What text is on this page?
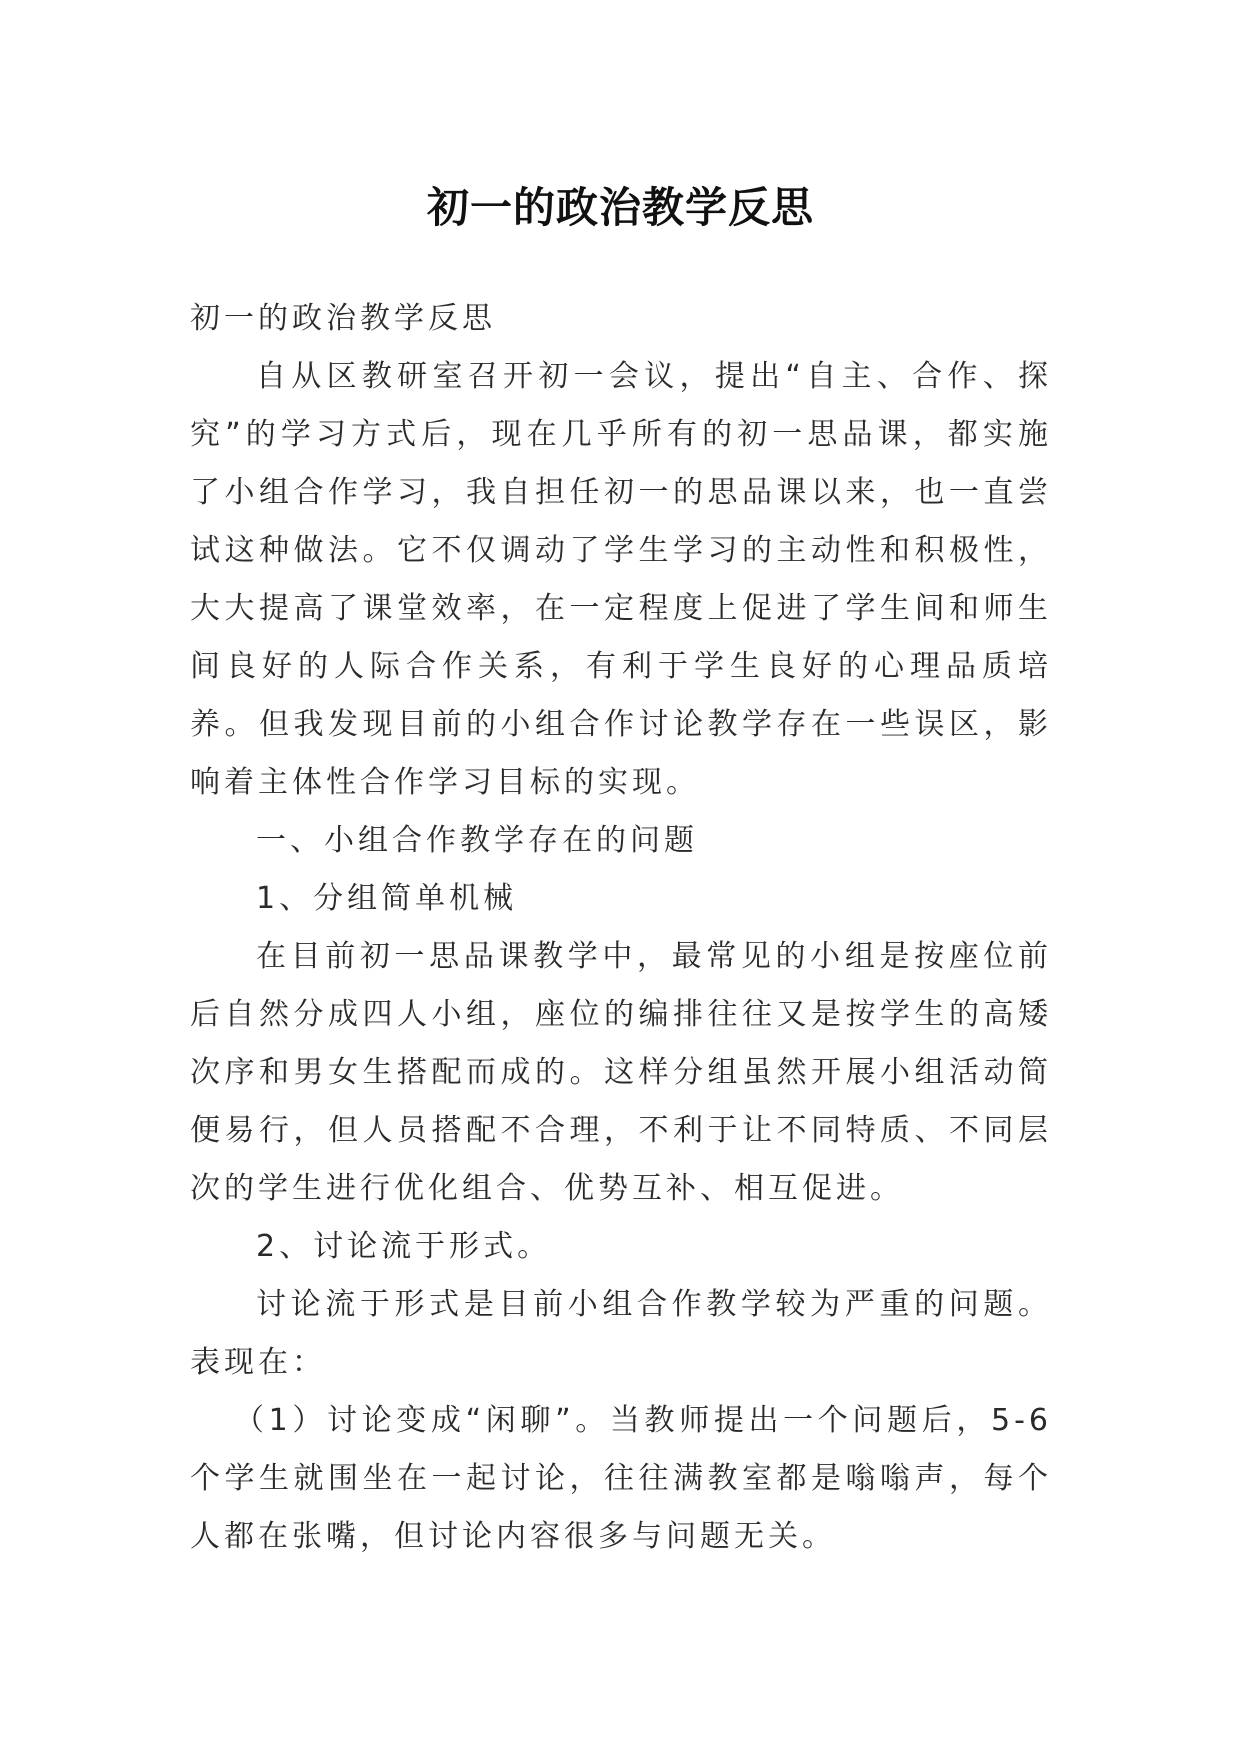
初一的政治教学反思

初一的政治教学反思

自从区教研室召开初一会议，提出“自主、合作、探究”的学习方式后，现在几乎所有的初一思品课，都实施了小组合作学习，我自担任初一的思品课以来，也一直尝试这种做法。它不仅调动了学生学习的主动性和积极性，大大提高了课堂效率，在一定程度上促进了学生间和师生间良好的人际合作关系，有利于学生良好的心理品质培养。但我发现目前的小组合作讨论教学存在一些误区，影响着主体性合作学习目标的实现。

一、小组合作教学存在的问题

1、分组简单机械

在目前初一思品课教学中，最常见的小组是按座位前后自然分成四人小组，座位的编排往往又是按学生的高矮次序和男女生搭配而成的。这样分组虽然开展小组活动简便易行，但人员搭配不合理，不利于让不同特质、不同层次的学生进行优化组合、优势互补、相互促进。

2、讨论流于形式。

讨论流于形式是目前小组合作教学较为严重的问题。表现在：

（1）讨论变成“闲聊”。当教师提出一个问题后，5-6个学生就围坐在一起讨论，往往满教室都是嗡嗡声，每个人都在张嘴，但讨论内容很多与问题无关。
